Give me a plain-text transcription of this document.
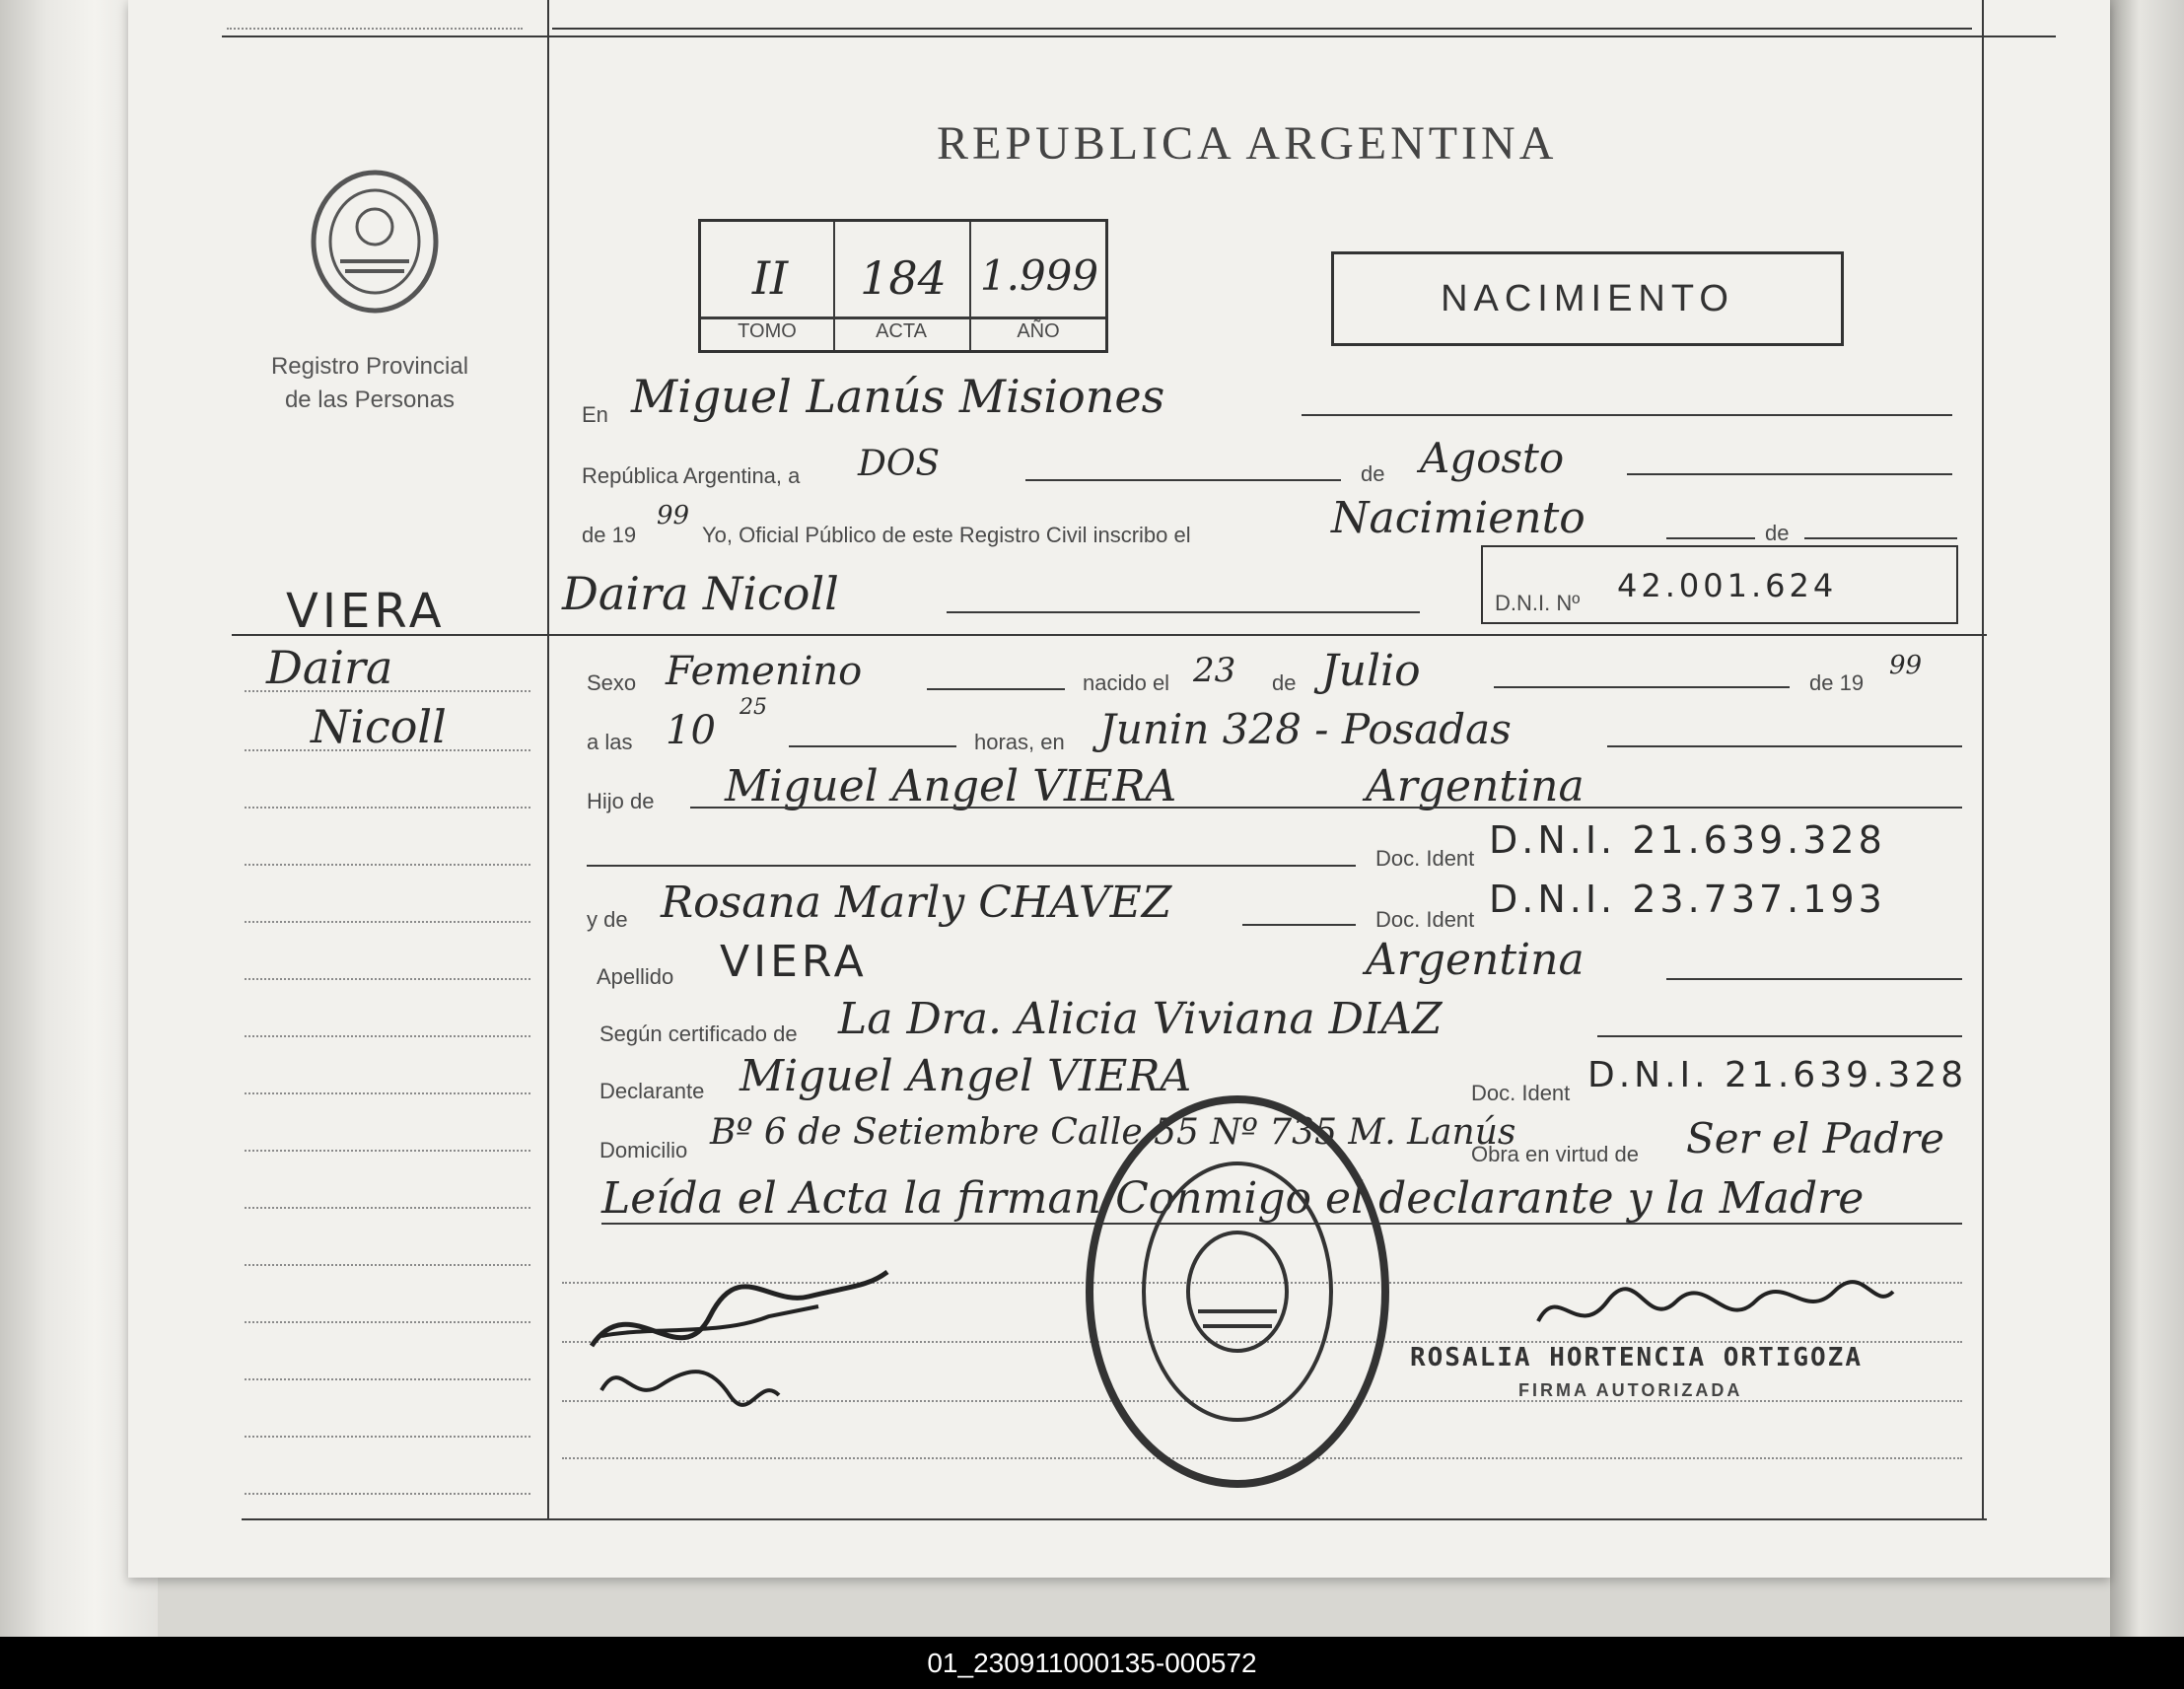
Registro Provincial
de las Personas
REPUBLICA ARGENTINA
II	184 1.999
TOMO	ACTA	AÑO
NACIMIENTO
En Miguel Lanús Misiones
República Argentina, a DOS	de Agosto
de 19
99
Yo, Oficial Público de este Registro Civil inscribo el	Nacimiento	de
Daira Nicoll	D.N.I. Nº 42.001.624
VIERA
Daira
Nicoll
Sexo Femenino	nacido el 23 de Julio	de 19
99
a las 10
25
horas, en Junin 328 - Posadas
Hijo de Miguel Angel VIERA	Argentina
Doc. Ident D.N.I. 21.639.328
y de Rosana Marly CHAVEZ	Doc. Ident D.N.I. 23.737.193
Apellido VIERA	Argentina
Según certificado de La Dra. Alicia Viviana DIAZ
Declarante Miguel Angel VIERA	Doc. Ident D.N.I. 21.639.328
Domicilio Bº 6 de Setiembre Calle 55 Nº 735 M. Lanús
Obra en virtud de Ser el Padre
Leída el Acta la firman Conmigo el declarante y la Madre
ROSALIA HORTENCIA ORTIGOZA
FIRMA AUTORIZADA
01_230911000135-000572
